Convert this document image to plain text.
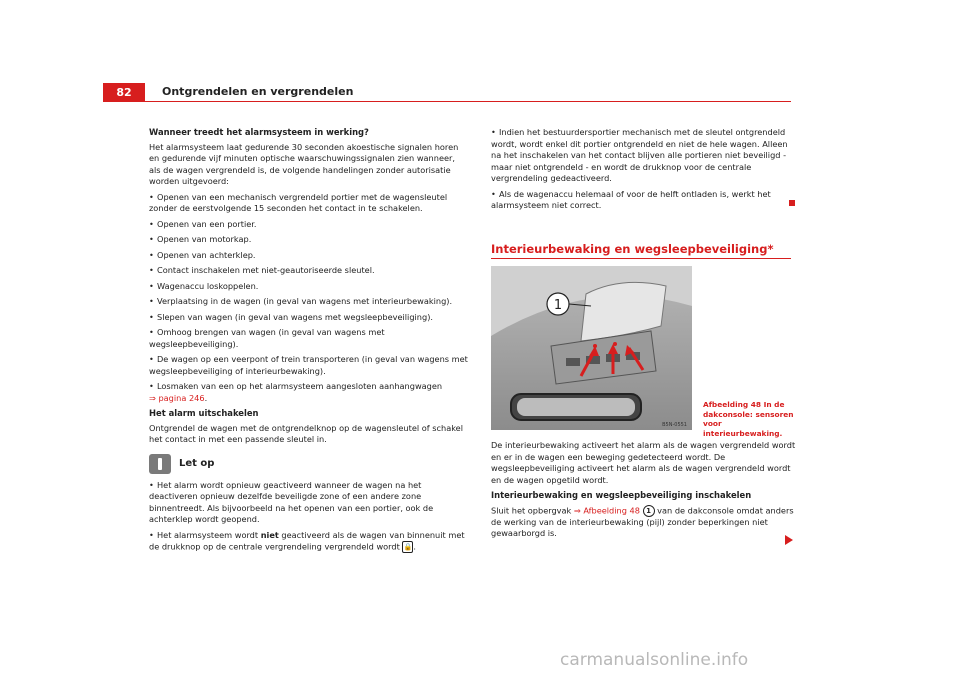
82	Ontgrendelen en vergrendelen
Wanneer treedt het alarmsysteem in werking?
Het alarmsysteem laat gedurende 30 seconden akoestische signalen horen en gedurende vijf minuten optische waarschuwingssignalen zien wanneer, als de wagen vergrendeld is, de volgende handelingen zonder autorisatie worden uitgevoerd:
• Openen van een mechanisch vergrendeld portier met de wagensleutel zonder de eerstvolgende 15 seconden het contact in te schakelen.
• Openen van een portier.
• Openen van motorkap.
• Openen van achterklep.
• Contact inschakelen met niet-geautoriseerde sleutel.
• Wagenaccu loskoppelen.
• Verplaatsing in de wagen (in geval van wagens met interieurbewaking).
• Slepen van wagen (in geval van wagens met wegsleepbeveiliging).
• Omhoog brengen van wagen (in geval van wagens met wegsleepbeveiliging).
• De wagen op een veerpont of trein transporteren (in geval van wagens met wegsleepbeveiliging of interieurbewaking).
• Losmaken van een op het alarmsysteem aangesloten aanhangwagen
⇒ pagina 246.
Het alarm uitschakelen
Ontgrendel de wagen met de ontgrendelknop op de wagensleutel of schakel het contact in met een passende sleutel in.
Let op
• Het alarm wordt opnieuw geactiveerd wanneer de wagen na het deactiveren opnieuw dezelfde beveiligde zone of een andere zone binnentreedt. Als bijvoorbeeld na het openen van een portier, ook de achterklep wordt geopend.
• Het alarmsysteem wordt niet geactiveerd als de wagen van binnenuit met de drukknop op de centrale vergrendeling vergrendeld wordt 🔒.
• Indien het bestuurdersportier mechanisch met de sleutel ontgrendeld wordt, wordt enkel dit portier ontgrendeld en niet de hele wagen. Alleen na het inschakelen van het contact blijven alle portieren niet beveiligd - maar niet ontgrendeld - en wordt de drukknop voor de centrale vergrendeling gedeactiveerd.
• Als de wagenaccu helemaal of voor de helft ontladen is, werkt het alarmsysteem niet correct.
Interieurbewaking en wegsleepbeveiliging*
1
B5N-0551
Afbeelding 48 In de dakconsole: sensoren voor interieurbewaking.
De interieurbewaking activeert het alarm als de wagen vergrendeld wordt en er in de wagen een beweging gedetecteerd wordt. De wegsleepbeveiliging activeert het alarm als de wagen vergrendeld wordt en de wagen opgetild wordt.
Interieurbewaking en wegsleepbeveiliging inschakelen
Sluit het opbergvak ⇒ Afbeelding 48 1 van de dakconsole omdat anders de werking van de interieurbewaking (pijl) zonder beperkingen niet gewaarborgd is.
carmanualsonline.info
